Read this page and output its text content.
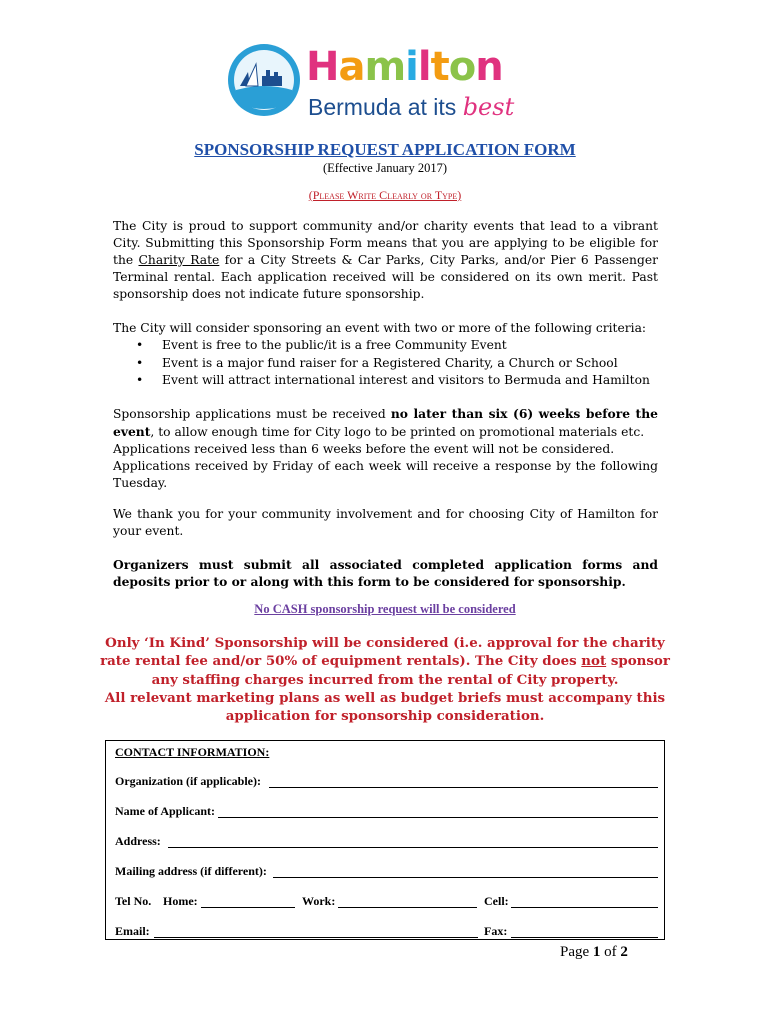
Hamilton
Bermuda at its best
SPONSORSHIP REQUEST APPLICATION FORM
(Effective January 2017)
(Please Write Clearly or Type)
The City is proud to support community and/or charity events that lead to a vibrant City. Submitting this Sponsorship Form means that you are applying to be eligible for the Charity Rate for a City Streets & Car Parks, City Parks, and/or Pier 6 Passenger Terminal rental. Each application received will be considered on its own merit. Past sponsorship does not indicate future sponsorship.
The City will consider sponsoring an event with two or more of the following criteria:
•	Event is free to the public/it is a free Community Event
•	Event is a major fund raiser for a Registered Charity, a Church or School
•	Event will attract international interest and visitors to Bermuda and Hamilton
Sponsorship applications must be received no later than six (6) weeks before the event, to allow enough time for City logo to be printed on promotional materials etc.
Applications received less than 6 weeks before the event will not be considered.
Applications received by Friday of each week will receive a response by the following Tuesday.
We thank you for your community involvement and for choosing City of Hamilton for your event.
Organizers must submit all associated completed application forms and deposits prior to or along with this form to be considered for sponsorship.
No CASH sponsorship request will be considered
Only ‘In Kind’ Sponsorship will be considered (i.e. approval for the charity rate rental fee and/or 50% of equipment rentals). The City does not sponsor any staffing charges incurred from the rental of City property.
All relevant marketing plans as well as budget briefs must accompany this application for sponsorship consideration.
CONTACT INFORMATION:
Organization (if applicable):
Name of Applicant:
Address:
Mailing address (if different):
Tel No. Home:	Work:	Cell:
Email:	Fax:
Page 1 of 2
